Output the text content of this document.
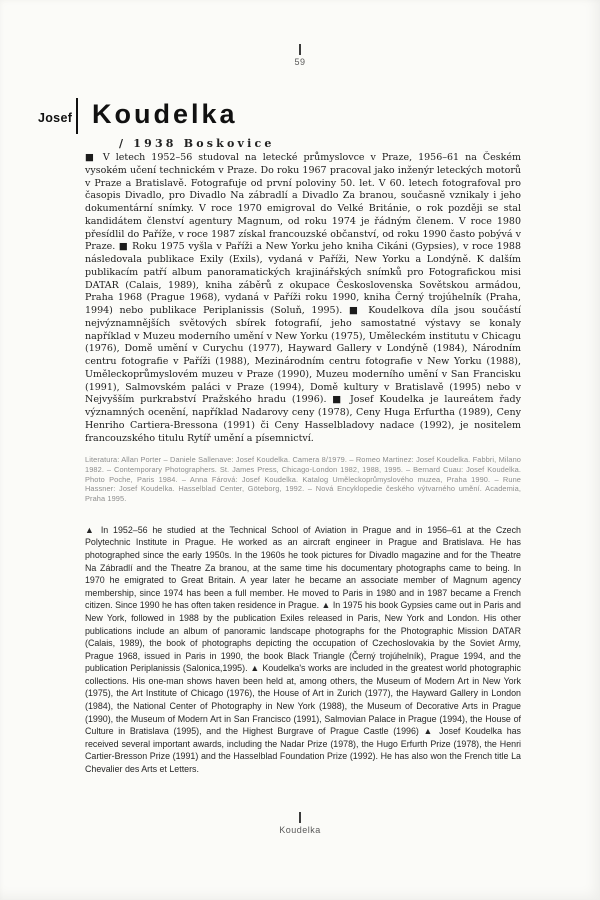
59
Josef Koudelka
/ 1938 Boskovice

■ V letech 1952–56 studoval na letecké průmyslovce v Praze, 1956–61 na Českém vysokém učení technickém v Praze. Do roku 1967 pracoval jako inženýr leteckých motorů v Praze a Bratislavě. Fotografuje od první poloviny 50. let. V 60. letech fotografoval pro časopis Divadlo, pro Divadlo Na zábradlí a Divadlo Za branou, současně vznikaly i jeho dokumentární snímky. V roce 1970 emigroval do Velké Británie, o rok později se stal kandidátem členství agentury Magnum, od roku 1974 je řádným členem. V roce 1980 přesídlil do Paříže, v roce 1987 získal francouzské občanství, od roku 1990 často pobývá v Praze. ■ Roku 1975 vyšla v Paříži a New Yorku jeho kniha Cikáni (Gypsies), v roce 1988 následovala publikace Exily (Exils), vydaná v Paříži, New Yorku a Londýně. K dalším publikacím patří album panoramatických krajinářských snímků pro Fotografickou misi DATAR (Calais, 1989), kniha záběrů z okupace Československa Sovětskou armádou, Praha 1968 (Prague 1968), vydaná v Paříži roku 1990, kniha Černý trojúhelník (Praha, 1994) nebo publikace Periplanissis (Soluň, 1995). ■ Koudelkova díla jsou součástí nejvýznamnějších světových sbírek fotografií, jeho samostatné výstavy se konaly například v Muzeu moderního umění v New Yorku (1975), Uměleckém institutu v Chicagu (1976), Domě umění v Curychu (1977), Hayward Gallery v Londýně (1984), Národním centru fotografie v Paříži (1988), Mezinárodním centru fotografie v New Yorku (1988), Uměleckoprůmyslovém muzeu v Praze (1990), Muzeu moderního umění v San Francisku (1991), Salmovském paláci v Praze (1994), Domě kultury v Bratislavě (1995) nebo v Nejvyšším purkrabství Pražského hradu (1996). ■ Josef Koudelka je laureátem řady významných ocenění, například Nadarovy ceny (1978), Ceny Huga Erfurtha (1989), Ceny Henriho Cartiera-Bressona (1991) či Ceny Hasselbladovy nadace (1992), je nositelem francouzského titulu Rytíř umění a písemnictví.

Literatura: Allan Porter – Daniele Sallenave: Josef Koudelka. Camera 8/1979. – Romeo Martinez: Josef Koudelka. Fabbri, Milano 1982. – Contemporary Photographers. St. James Press, Chicago-London 1982, 1988, 1995. – Bernard Cuau: Josef Koudelka. Photo Poche, Paris 1984. – Anna Fárová: Josef Koudelka. Katalog Uměleckoprůmyslového muzea, Praha 1990. – Rune Hassner: Josef Koudelka. Hasselblad Center, Göteborg, 1992. – Nová Encyklopedie českého výtvarného umění. Academia, Praha 1995.

▲ In 1952–56 he studied at the Technical School of Aviation in Prague and in 1956–61 at the Czech Polytechnic Institute in Prague. He worked as an aircraft engineer in Prague and Bratislava. He has photographed since the early 1950s. In the 1960s he took pictures for Divadlo magazine and for the Theatre Na Zábradlí and the Theatre Za branou, at the same time his documentary photographs came to being. In 1970 he emigrated to Great Britain. A year later he became an associate member of Magnum agency membership, since 1974 has been a full member. He moved to Paris in 1980 and in 1987 became a French citizen. Since 1990 he has often taken residence in Prague. ▲ In 1975 his book Gypsies came out in Paris and New York, followed in 1988 by the publication Exiles released in Paris, New York and London. His other publications include an album of panoramic landscape photographs for the Photographic Mission DATAR (Calais, 1989), the book of photographs depicting the occupation of Czechoslovakia by the Soviet Army, Prague 1968, issued in Paris in 1990, the book Black Triangle (Černý trojúhelník), Prague 1994, and the publication Periplanissis (Salonica,1995). ▲ Koudelka's works are included in the greatest world photographic collections. His one-man shows haven been held at, among others, the Museum of Modern Art in New York (1975), the Art Institute of Chicago (1976), the House of Art in Zurich (1977), the Hayward Gallery in London (1984), the National Center of Photography in New York (1988), the Museum of Decorative Arts in Prague (1990), the Museum of Modern Art in San Francisco (1991), Salmovian Palace in Prague (1994), the House of Culture in Bratislava (1995), and the Highest Burgrave of Prague Castle (1996) ▲ Josef Koudelka has received several important awards, including the Nadar Prize (1978), the Hugo Erfurth Prize (1978), the Henri Cartier-Bresson Prize (1991) and the Hasselblad Foundation Prize (1992). He has also won the French title La Chevalier des Arts et Letters.

Koudelka
